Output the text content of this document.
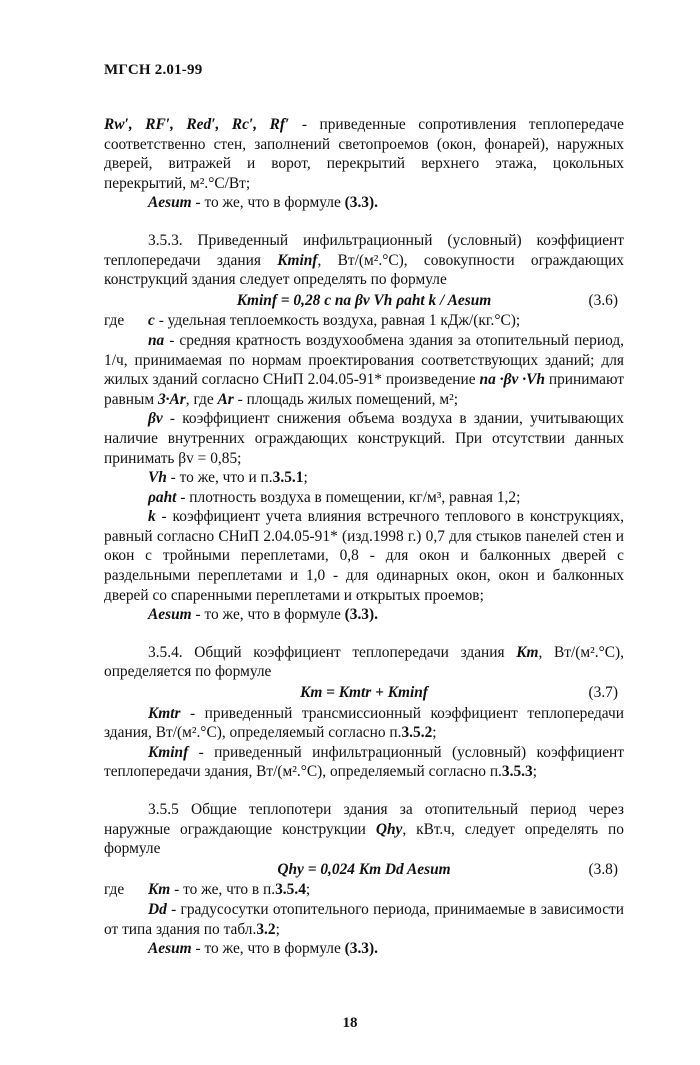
МГСН 2.01-99

Rw′, RF′, Red′, Rc′, Rf′ - приведенные сопротивления теплопередаче соответственно стен, заполнений светопроемов (окон, фонарей), наружных дверей, витражей и ворот, перекрытий верхнего этажа, цокольных перекрытий, м².°С/Вт;

Aesum - то же, что в формуле (3.3).

3.5.3. Приведенный инфильтрационный (условный) коэффициент теплопередачи здания Kminf, Вт/(м².°С), совокупности ограждающих конструкций здания следует определять по формуле

Kminf = 0,28 c na βv Vh ρaht k / Aesum	(3.6)
где c - удельная теплоемкость воздуха, равная 1 кДж/(кг.°С);

na - средняя кратность воздухообмена здания за отопительный период, 1/ч, принимаемая по нормам проектирования соответствующих зданий; для жилых зданий согласно СНиП 2.04.05-91* произведение na ·βv ·Vh принимают равным 3·Ar, где Ar - площадь жилых помещений, м²;

βv - коэффициент снижения объема воздуха в здании, учитывающих наличие внутренних ограждающих конструкций. При отсутствии данных принимать βv = 0,85;

Vh - то же, что и п.3.5.1;

ρaht - плотность воздуха в помещении, кг/м³, равная 1,2;

k - коэффициент учета влияния встречного теплового в конструкциях, равный согласно СНиП 2.04.05-91* (изд.1998 г.) 0,7 для стыков панелей стен и окон с тройными переплетами, 0,8 - для окон и балконных дверей с раздельными переплетами и 1,0 - для одинарных окон, окон и балконных дверей со спаренными переплетами и открытых проемов;

Aesum - то же, что в формуле (3.3).

3.5.4. Общий коэффициент теплопередачи здания Km, Вт/(м².°С), определяется по формуле

Km = Kmtr + Kminf	(3.7)

Kmtr - приведенный трансмиссионный коэффициент теплопередачи здания, Вт/(м².°С), определяемый согласно п.3.5.2;

Kminf - приведенный инфильтрационный (условный) коэффициент теплопередачи здания, Вт/(м².°С), определяемый согласно п.3.5.3;

3.5.5 Общие теплопотери здания за отопительный период через наружные ограждающие конструкции Qhy, кВт.ч, следует определять по формуле

Qhy = 0,024 Km Dd Aesum	(3.8)
где Km - то же, что в п.3.5.4;

Dd - градусосутки отопительного периода, принимаемые в зависимости от типа здания по табл.3.2;

Aesum - то же, что в формуле (3.3).

18
